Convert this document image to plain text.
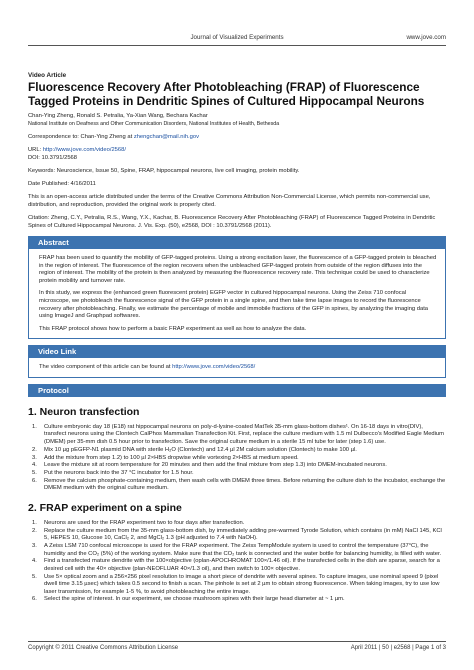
Journal of Visualized Experiments	www.jove.com
Video Article
Fluorescence Recovery After Photobleaching (FRAP) of Fluorescence Tagged Proteins in Dendritic Spines of Cultured Hippocampal Neurons
Chan-Ying Zheng, Ronald S. Petralia, Ya-Xian Wang, Bechara Kachar
National Institute on Deafness and Other Communication Disorders, National Institutes of Health, Bethesda
Correspondence to: Chan-Ying Zheng at zhengchan@mail.nih.gov
URL: http://www.jove.com/video/2568/
DOI: 10.3791/2568
Keywords: Neuroscience, Issue 50, Spine, FRAP, hippocampal neurons, live cell imaging, protein mobility.
Date Published: 4/16/2011
This is an open-access article distributed under the terms of the Creative Commons Attribution Non-Commercial License, which permits non-commercial use, distribution, and reproduction, provided the original work is properly cited.
Citation: Zheng, C.Y., Petralia, R.S., Wang, Y.X., Kachar, B. Fluorescence Recovery After Photobleaching (FRAP) of Fluorescence Tagged Proteins in Dendritic Spines of Cultured Hippocampal Neurons. J. Vis. Exp. (50), e2568, DOI : 10.3791/2568 (2011).
Abstract

FRAP has been used to quantify the mobility of GFP-tagged proteins. Using a strong excitation laser, the fluorescence of a GFP-tagged protein is bleached in the region of interest. The fluorescence of the region recovers when the unbleached GFP-tagged protein from outside of the region diffuses into the region of interest. The mobility of the protein is then analyzed by measuring the fluorescence recovery rate. This technique could be used to characterize protein mobility and turnover rate.

In this study, we express the (enhanced green fluorescent protein) EGFP vector in cultured hippocampal neurons. Using the Zeiss 710 confocal microscope, we photobleach the fluorescence signal of the GFP protein in a single spine, and then take time lapse images to record the fluorescence recovery after photobleaching. Finally, we estimate the percentage of mobile and immobile fractions of the GFP in spines, by analyzing the imaging data using ImageJ and Graphpad softwares.

This FRAP protocol shows how to perform a basic FRAP experiment as well as how to analyze the data.

Video Link
The video component of this article can be found at http://www.jove.com/video/2568/
Protocol
1. Neuron transfection
1. Culture embryonic day 18 (E18) rat hippocampal neurons on poly-d-lysine-coated MatTek 35-mm glass-bottom dishes¹. On 16-18 days in vitro(DIV), transfect neurons using the Clontech CalPhos Mammalian Transfection Kit. First, replace the culture medium with 1.5 ml Dulbecco's Modified Eagle Medium (DMEM) per 35-mm dish 0.5 hour prior to transfection. Save the original culture medium in a sterile 15 ml tube for later (step 1.6) use.
2. Mix 10 µg pEGFP-N1 plasmid DNA with sterile H₂O (Clontech) and 12.4 µl 2M calcium solution (Clontech) to make 100 µl.
3. Add the mixture from step 1.2) to 100 µl 2×HBS dropwise while vortexing 2×HBS at medium speed.
4. Leave the mixture sit at room temperature for 20 minutes and then add the final mixture from step 1.3) into DMEM-incubated neurons.
5. Put the neurons back into the 37 °C incubator for 1.5 hour.
6. Remove the calcium phosphate-containing medium, then wash cells with DMEM three times. Before returning the culture dish to the incubator, exchange the DMEM medium with the original culture medium.
2. FRAP experiment on a spine
1. Neurons are used for the FRAP experiment two to four days after transfection.
2. Replace the culture medium from the 35-mm glass-bottom dish, by immediately adding pre-warmed Tyrode Solution, which contains (in mM) NaCl 145, KCl 5, HEPES 10, Glucose 10, CaCl₂ 2, and MgCl₂ 1.3 (pH adjusted to 7.4 with NaOH).
3. A Zeiss LSM 710 confocal microscope is used for the FRAP experiment. The Zeiss TempModule system is used to control the temperature (37°C), the humidity and the CO₂ (5%) of the working system. Make sure that the CO₂ tank is connected and the water bottle for balancing humidity, is filled with water.
4. Find a transfected mature dendrite with the 100×objective (oplan-APOCHROMAT 100×/1.46 oil). If the transfected cells in the dish are sparse, search for a desired cell with the 40× objective (plan-NEOFLUAR 40×/1.3 oil), and then switch to 100× objective.
5. Use 5× optical zoom and a 256×256 pixel resolution to image a short piece of dendrite with several spines. To capture images, use nominal speed 9 (pixel dwell time 3.15 µsec) which takes 0.5 second to finish a scan. The pinhole is set at 2 µm to obtain strong fluorescence. When taking images, try to use low laser transmission, for example 1-5 %, to avoid photobleaching the entire image.
6. Select the spine of interest. In our experiment, we choose mushroom spines with their large head diameter at ~ 1 µm.
Copyright © 2011 Creative Commons Attribution License	April 2011 | 50 | e2568 | Page 1 of 3
